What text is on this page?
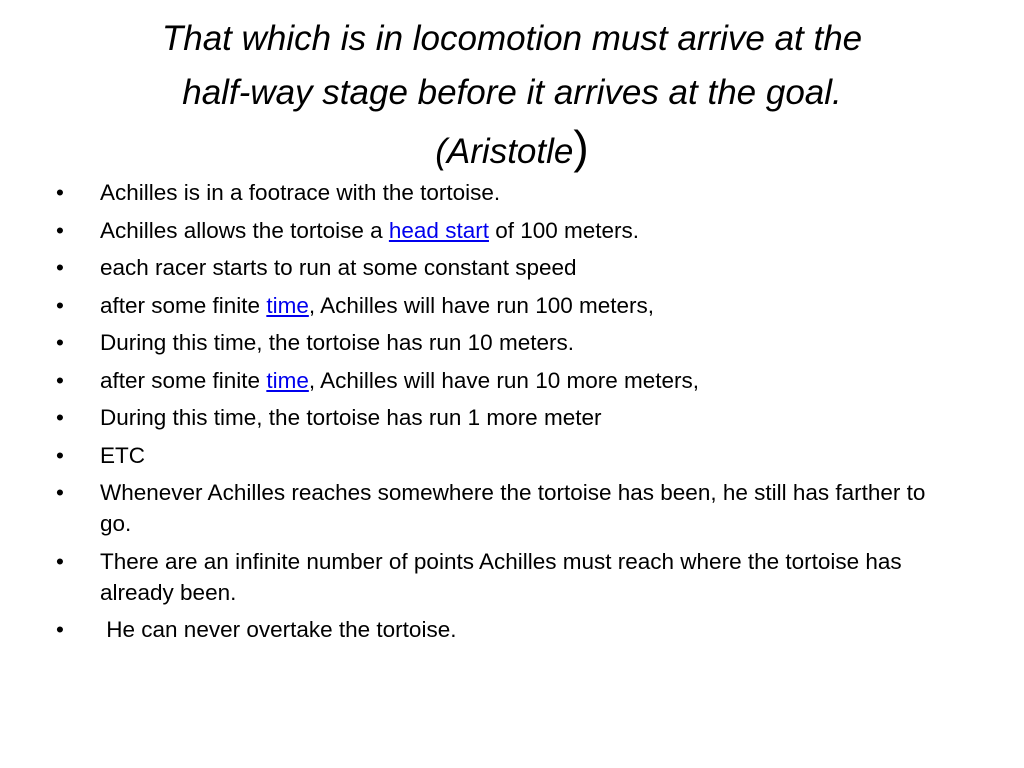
That which is in locomotion must arrive at the
half-way stage before it arrives at the goal.
(Aristotle)
•	Achilles is in a footrace with the tortoise.
•	Achilles allows the tortoise a head start of 100 meters.
•	each racer starts to run at some constant speed
•	after some finite time, Achilles will have run 100 meters,
•	During this time, the tortoise has run 10 meters.
•	after some finite time, Achilles will have run 10 more meters,
•	During this time, the tortoise has run 1 more meter
•	ETC
•	Whenever Achilles reaches somewhere the tortoise has been, he still has farther to go.
•	There are an infinite number of points Achilles must reach where the tortoise has already been.
•	He can never overtake the tortoise.
